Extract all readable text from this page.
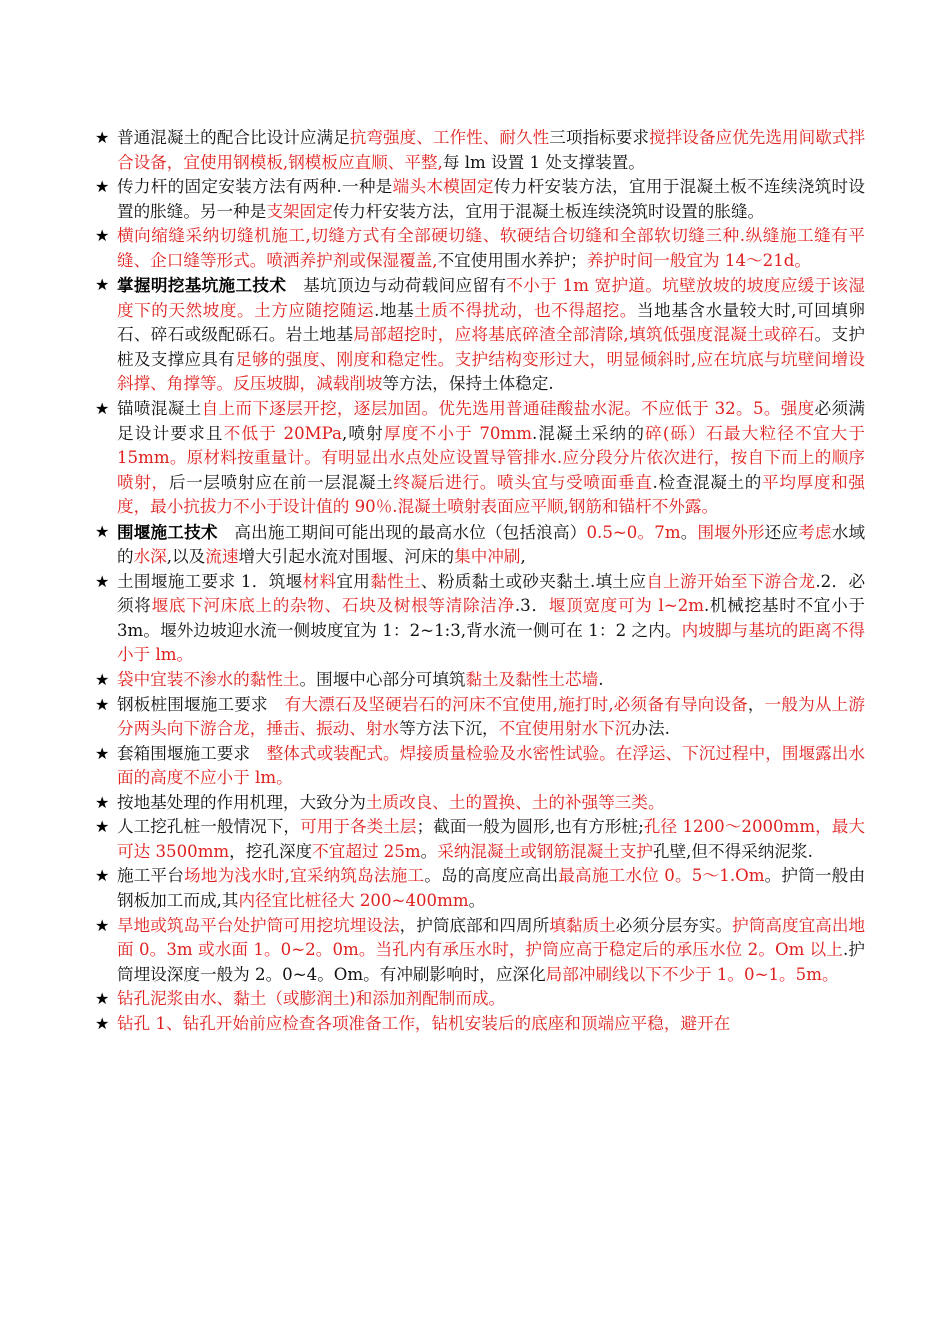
★ 普通混凝土的配合比设计应满足抗弯强度、工作性、耐久性三项指标要求搅拌设备应优先选用间歇式拌合设备，宜使用钢模板,钢模板应直顺、平整,每 lm 设置 1 处支撑装置。

★ 传力杆的固定安装方法有两种.一种是端头木模固定传力杆安装方法，宜用于混凝土板不连续浇筑时设置的胀缝。另一种是支架固定传力杆安装方法，宜用于混凝土板连续浇筑时设置的胀缝。

★ 横向缩缝采纳切缝机施工,切缝方式有全部硬切缝、软硬结合切缝和全部软切缝三种.纵缝施工缝有平缝、企口缝等形式。喷洒养护剂或保湿覆盖,不宜使用围水养护；养护时间一般宜为 14～21d。

★ 掌握明挖基坑施工技术　基坑顶边与动荷载间应留有不小于 1m 宽护道。坑壁放坡的坡度应缓于该湿度下的天然坡度。土方应随挖随运.地基土质不得扰动，也不得超挖。当地基含水量较大时,可回填卵石、碎石或级配砾石。岩土地基局部超挖时，应将基底碎渣全部清除,填筑低强度混凝土或碎石。支护桩及支撑应具有足够的强度、刚度和稳定性。支护结构变形过大，明显倾斜时,应在坑底与坑壁间增设斜撑、角撑等。反压坡脚，减载削坡等方法，保持土体稳定.

★ 锚喷混凝土自上而下逐层开挖，逐层加固。优先选用普通硅酸盐水泥。不应低于 32。5。强度必须满足设计要求且不低于 20MPa,喷射厚度不小于 70mm.混凝土采纳的碎(砾）石最大粒径不宜大于 15mm。原材料按重量计。有明显出水点处应设置导管排水.应分段分片依次进行，按自下而上的顺序喷射，后一层喷射应在前一层混凝土终凝后进行。喷头宜与受喷面垂直.检查混凝土的平均厚度和强度，最小抗拔力不小于设计值的 90％.混凝土喷射表面应平顺,钢筋和锚杆不外露。

★ 围堰施工技术　高出施工期间可能出现的最高水位（包括浪高）0.5~0。7m。围堰外形还应考虑水域的水深,以及流速增大引起水流对围堰、河床的集中冲刷,

★ 土围堰施工要求 1．筑堰材料宜用黏性土、粉质黏土或砂夹黏土.填土应自上游开始至下游合龙.2．必须将堰底下河床底上的杂物、石块及树根等清除洁净.3．堰顶宽度可为 l~2m.机械挖基时不宜小于 3m。堰外边坡迎水流一侧坡度宜为 1：2~1:3,背水流一侧可在 1：2 之内。内坡脚与基坑的距离不得小于 lm。

★ 袋中宜装不渗水的黏性土。围堰中心部分可填筑黏土及黏性土芯墙.

★ 钢板桩围堰施工要求　有大漂石及坚硬岩石的河床不宜使用,施打时,必须备有导向设备，一般为从上游分两头向下游合龙，捶击、振动、射水等方法下沉，不宜使用射水下沉办法.

★ 套箱围堰施工要求　整体式或装配式。焊接质量检验及水密性试验。在浮运、下沉过程中，围堰露出水面的高度不应小于 lm。

★ 按地基处理的作用机理，大致分为土质改良、土的置换、土的补强等三类。

★ 人工挖孔桩一般情况下，可用于各类土层；截面一般为圆形,也有方形桩;孔径 1200～2000mm，最大可达 3500mm，挖孔深度不宜超过 25m。采纳混凝土或钢筋混凝土支护孔壁,但不得采纳泥浆.

★ 施工平台场地为浅水时,宜采纳筑岛法施工。岛的高度应高出最高施工水位 0。5～1.Om。护筒一般由钢板加工而成,其内径宜比桩径大 200~400mm。

★ 旱地或筑岛平台处护筒可用挖坑埋设法，护筒底部和四周所填黏质土必须分层夯实。护筒高度宜高出地面 0。3m 或水面 1。0~2。0m。当孔内有承压水时，护筒应高于稳定后的承压水位 2。Om 以上.护筒埋设深度一般为 2。0~4。Om。有冲刷影响时，应深化局部冲刷线以下不少于 1。0~1。5m。

★ 钻孔泥浆由水、黏土（或膨润土)和添加剂配制而成。

★ 钻孔 1、钻孔开始前应检查各项准备工作，钻机安装后的底座和顶端应平稳，避开在
